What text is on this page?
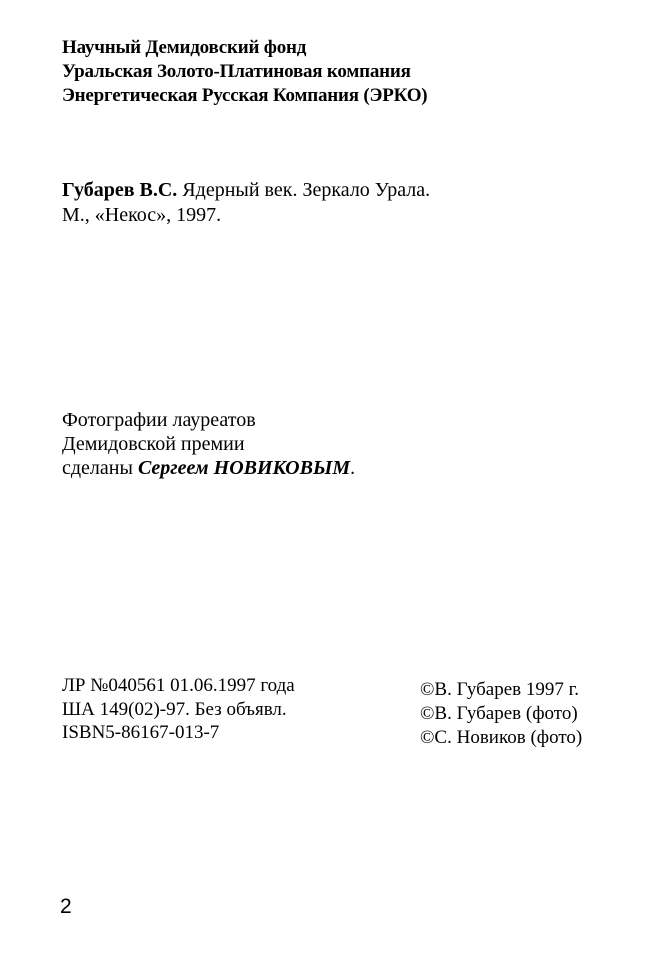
Научный Демидовский фонд
Уральская Золото-Платиновая компания
Энергетическая Русская Компания (ЭРКО)
Губарев В.С. Ядерный век. Зеркало Урала.
М., «Некос», 1997.
Фотографии лауреатов
Демидовской премии
сделаны Сергеем НОВИКОВЫМ.
ЛР №040561 01.06.1997 года
ША 149(02)-97. Без объявл.
ISBN5-86167-013-7
©В. Губарев 1997 г.
©В. Губарев (фото)
©С. Новиков (фото)
2
